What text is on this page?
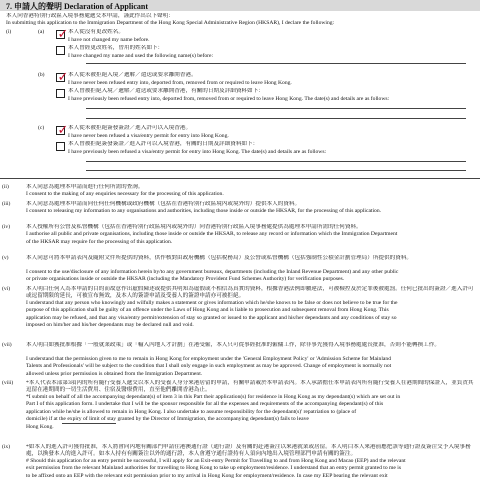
7. 申請人的聲明 Declaration of Applicant
本人向香港特別行政區入境事務處遞交本申請，謹此作出以下聲明：
In submitting this application to the Immigration Department of the Hong Kong Special Administrative Region (HKSAR), I declare the following:
(i)	(a) ✓ 本人從沒有更改姓名。
I have not changed my name before.
本人曾經更改姓名，曾用的姓名如下：
I have changed my name and used the following name(s) before:
(b) ✓ 本人從未被拒絕入境／遞解／遣送或要求離開香港。
I have never been refused entry into, deported from, removed from or required to leave Hong Kong.
本人曾被拒絕入境／遞解／遣送或要求離開香港，有關的日期及詳細資料如下：
I have previously been refused entry into, deported from, removed from or required to leave Hong Kong. The date(s) and details are as follows:
(c) ✓ 本人從未被拒絕簽發簽證／進入許可以入境香港。
I have never been refused a visa/entry permit for entry into Hong Kong.
本人曾被拒絕簽發簽證／進入許可以入境香港，有關的日期及詳細資料如下：
I have previously been refused a visa/entry permit for entry into Hong Kong. The date(s) and details are as follows:
(ii)	本人同意為處理本申請而進行任何所需的查詢。
I consent to the making of any enquiries necessary for the processing of this application.
(iii)	本人同意為處理本申請而向任何任何機構或政府機構（包括在香港特別行政區境內或境外的）提供本人的資料。
I consent to releasing my information to any organisations and authorities, including those inside or outside the HKSAR, for the processing of this application.
(iv)	本人授權所有公營及私營機構（包括在香港特別行政區境內或境外的）向香港特別行政區入境事務處提供為處理本申請所需的任何資料。
I authorise all public and private organisations, including those inside or outside the HKSAR, to release any record or information which the Immigration Department
of the HKSAR may require for the processing of this application.
(v)	本人同意可將本申請表內及隨附文件所提供的資料，供作核對由政府機構（包括稅務局）及公營或私營機構（包括強制性公積金計劃管理局）所提供的資料。
I consent to the use/disclosure of any information herein by/to any government bureaux, departments (including the Inland Revenue Department) and any other public
or private organisations inside or outside the HKSAR (including the Mandatory Provident Fund Schemes Authority) for verification purposes.
(vi)	本人明白任何人為本申請的目的而故意作出虛假陳述或提供其明知為虛假或不相信為真實的資料，根據香港法例即屬違法，可被檢控及於定罪後被處罰。任何已批出的簽證／進入許可或逗留期限的延長，可被宣布無效，及本人的簽證申請及受養人的簽證申請亦可被拒絕。
I understand that any person who knowingly and wilfully makes a statement or gives information which he/she knows to be false or does not believe to be true for the
purpose of this application shall be guilty of an offence under the Laws of Hong Kong and is liable to prosecution and subsequent removal from Hong Kong. This
application may be refused, and that any visa/entry permit/extension of stay so granted or issued to the applicant and his/her dependants and any conditions of stay so
imposed on him/her and his/her dependants may be declared null and void.
(vii)	本人明白如獲批准根據「一般就業政策」或「輸入內地人才計劃」在港受僱，本人只可從事經批准的僱傭工作，除非事先獲得入境事務處處長批准，否則不能轉換工作。
I understand that the permission given to me to remain in Hong Kong for employment under the 'General Employment Policy' or 'Admission Scheme for Mainland
Talents and Professionals' will be subject to the condition that I shall only engage in such employment as may be approved. Change of employment is normally not
allowed unless prior permission is obtained from the Immigration Department.
(viii) *本人代表本部第3項內的所有隨行受養人遞交以本人的受養人身分來港居留的申請，有關申請載於本申請表內。本人承諾擔任本申請表內所有隨行受養人在港期間的保證人，並負責其逗留在港期間的一切生活費用、住宿及醫療費用，直至他們離開香港為止。
*I submit on behalf of all the accompanying dependant(s) of item 3 in this Part their application(s) for residence in Hong Kong as my dependant(s) which are set out in
Part I of this application form. I undertake that I will be the sponsor responsible for all the expenses and requirements of the accompanying dependant(s) of this
application while he/she is allowed to remain in Hong Kong. I also undertake to assume responsibility for the dependant(s)' repatriation to (place of
domicile) if at the expiry of limit of stay granted by the Director of Immigration, the accompanying dependant(s) fails to leave
Hong Kong.
(ix)	*如本人的進入許可獲得批准，本人將會向內地有關部門申請往港澳通行證（通行證）及有關的赴港簽注以來港就業或居留。本人明白本人來港前應把該等通行證及簽注交予入境事務處，以換發本人的進入許可。如本人持有有關簽注以外的通行證，本人會遵守通行證持有人須向內地出入境管理部門申請有關的簽注。
# Should this application for an entry permit be successful, I will apply for an Exit-entry Permit for Travelling to and from Hong Kong and Macao (EEP) and the relevant
exit permission from the relevant Mainland authorities for travelling to Hong Kong to take up employment/residence. I understand that an entry permit granted to me is
to be affixed onto an EEP with the relevant exit permission prior to my arrival in Hong Kong for employment/residence. In case my EEP bearing the relevant exit
